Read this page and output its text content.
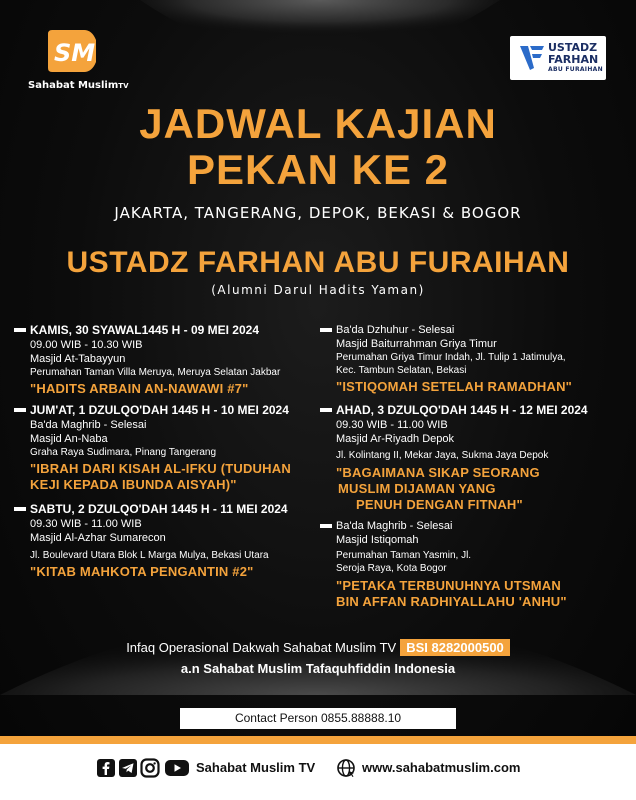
SM
Sahabat MuslimTV
USTADZ
FARHAN
ABU FURAIHAN
JADWAL KAJIAN
PEKAN KE 2
JAKARTA, TANGERANG, DEPOK, BEKASI & BOGOR
USTADZ FARHAN ABU FURAIHAN
(Alumni Darul Hadits Yaman)
KAMIS, 30 SYAWAL1445 H - 09 MEI 2024
09.00 WIB - 10.30 WIB
Masjid At-Tabayyun
Perumahan Taman Villa Meruya, Meruya Selatan Jakbar
"HADITS ARBAIN AN-NAWAWI #7"
JUM'AT, 1 DZULQO'DAH 1445 H - 10 MEI 2024
Ba'da Maghrib - Selesai
Masjid An-Naba
Graha Raya Sudimara, Pinang Tangerang
"IBRAH DARI KISAH AL-IFKU (TUDUHAN
KEJI KEPADA IBUNDA AISYAH)"
SABTU, 2 DZULQO'DAH 1445 H - 11 MEI 2024
09.30 WIB - 11.00 WIB
Masjid Al-Azhar Sumarecon
Jl. Boulevard Utara Blok L Marga Mulya, Bekasi Utara
"KITAB MAHKOTA PENGANTIN #2"
Ba'da Dzhuhur - Selesai
Masjid Baiturrahman Griya Timur
Perumahan Griya Timur Indah, Jl. Tulip 1 Jatimulya,
Kec. Tambun Selatan, Bekasi
"ISTIQOMAH SETELAH RAMADHAN"
AHAD, 3 DZULQO'DAH 1445 H - 12 MEI 2024
09.30 WIB - 11.00 WIB
Masjid Ar-Riyadh Depok
Jl. Kolintang II, Mekar Jaya, Sukma Jaya Depok
"BAGAIMANA SIKAP SEORANG
MUSLIM DIJAMAN YANG
PENUH DENGAN FITNAH"
Ba'da Maghrib - Selesai
Masjid Istiqomah
Perumahan Taman Yasmin, Jl.
Seroja Raya, Kota Bogor
"PETAKA TERBUNUHNYA UTSMAN
BIN AFFAN RADHIYALLAHU 'ANHU"
Infaq Operasional Dakwah Sahabat Muslim TV BSI 8282000500
a.n Sahabat Muslim Tafaquhfiddin Indonesia
Contact Person 0855.88888.10
Sahabat Muslim TV	www.sahabatmuslim.com
